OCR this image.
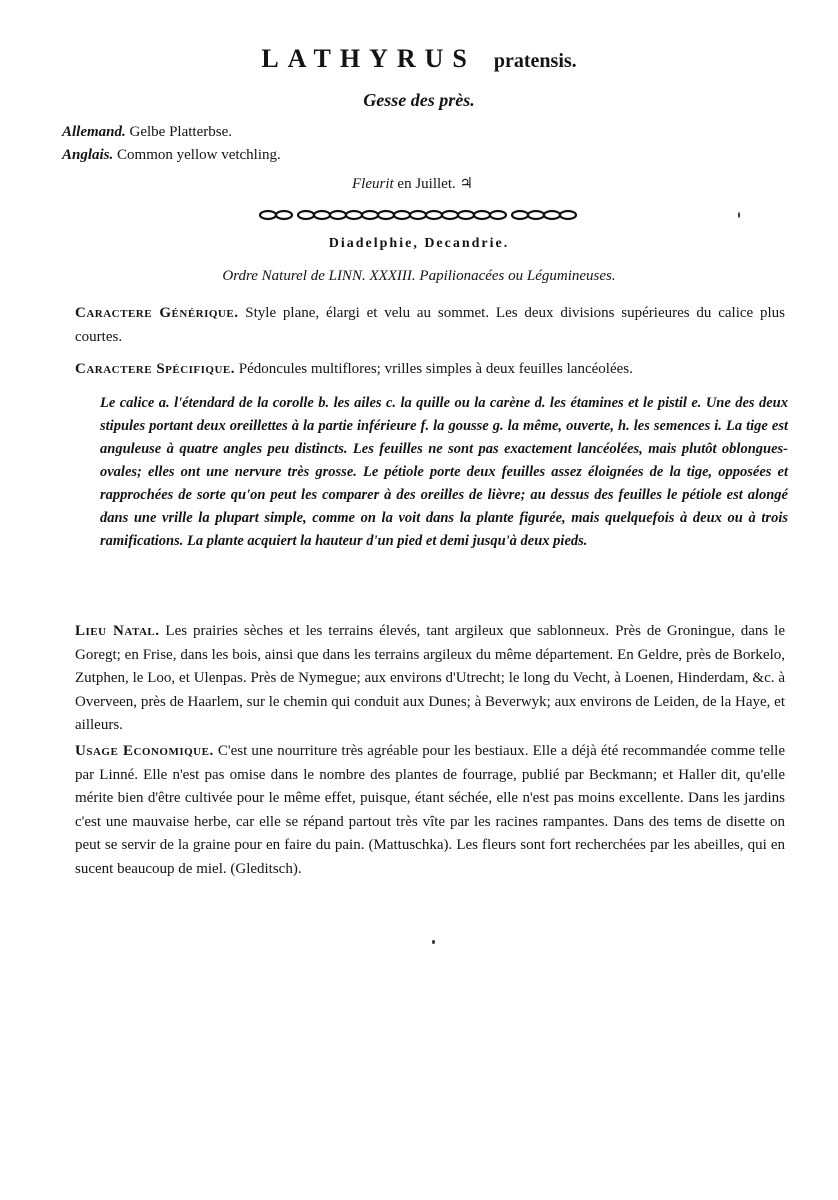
LATHYRUS pratensis.
Gesse des près.
Allemand. Gelbe Platterbse.
Anglais. Common yellow vetchling.
Fleurit en Juillet. ♃
Diadelphie, Decandrie.
Ordre Naturel de LINN. XXXIII. Papilionacées ou Légumineuses.
Caractere Générique. Style plane, élargi et velu au sommet. Les deux divisions supérieures du calice plus courtes.
Caractere Spécifique. Pédoncules multiflores; vrilles simples à deux feuilles lancéolées.
Le calice a. l'étendard de la corolle b. les ailes c. la quille ou la carène d. les étamines et le pistil e. Une des deux stipules portant deux oreillettes à la partie inférieure f. la gousse g. la même, ouverte, h. les semences i. La tige est anguleuse à quatre angles peu distincts. Les feuilles ne sont pas exactement lancéolées, mais plutôt oblongues-ovales; elles ont une nervure très grosse. Le pétiole porte deux feuilles assez éloignées de la tige, opposées et rapprochées de sorte qu'on peut les comparer à des oreilles de lièvre; au dessus des feuilles le pétiole est alongé dans une vrille la plupart simple, comme on la voit dans la plante figurée, mais quelquefois à deux ou à trois ramifications. La plante acquiert la hauteur d'un pied et demi jusqu'à deux pieds.
Lieu Natal. Les prairies sèches et les terrains élevés, tant argileux que sablonneux. Près de Groningue, dans le Goregt; en Frise, dans les bois, ainsi que dans les terrains argileux du même département. En Geldre, près de Borkelo, Zutphen, le Loo, et Ulenpas. Près de Nymegue; aux environs d'Utrecht; le long du Vecht, à Loenen, Hinderdam, &c. à Overveen, près de Haarlem, sur le chemin qui conduit aux Dunes; à Beverwyk; aux environs de Leiden, de la Haye, et ailleurs.
Usage Economique. C'est une nourriture très agréable pour les bestiaux. Elle a déjà été recommandée comme telle par Linné. Elle n'est pas omise dans le nombre des plantes de fourrage, publié par Beckmann; et Haller dit, qu'elle mérite bien d'être cultivée pour le même effet, puisque, étant séchée, elle n'est pas moins excellente. Dans les jardins c'est une mauvaise herbe, car elle se répand partout très vîte par les racines rampantes. Dans des tems de disette on peut se servir de la graine pour en faire du pain. (Mattuschka). Les fleurs sont fort recherchées par les abeilles, qui en sucent beaucoup de miel. (Gleditsch).
